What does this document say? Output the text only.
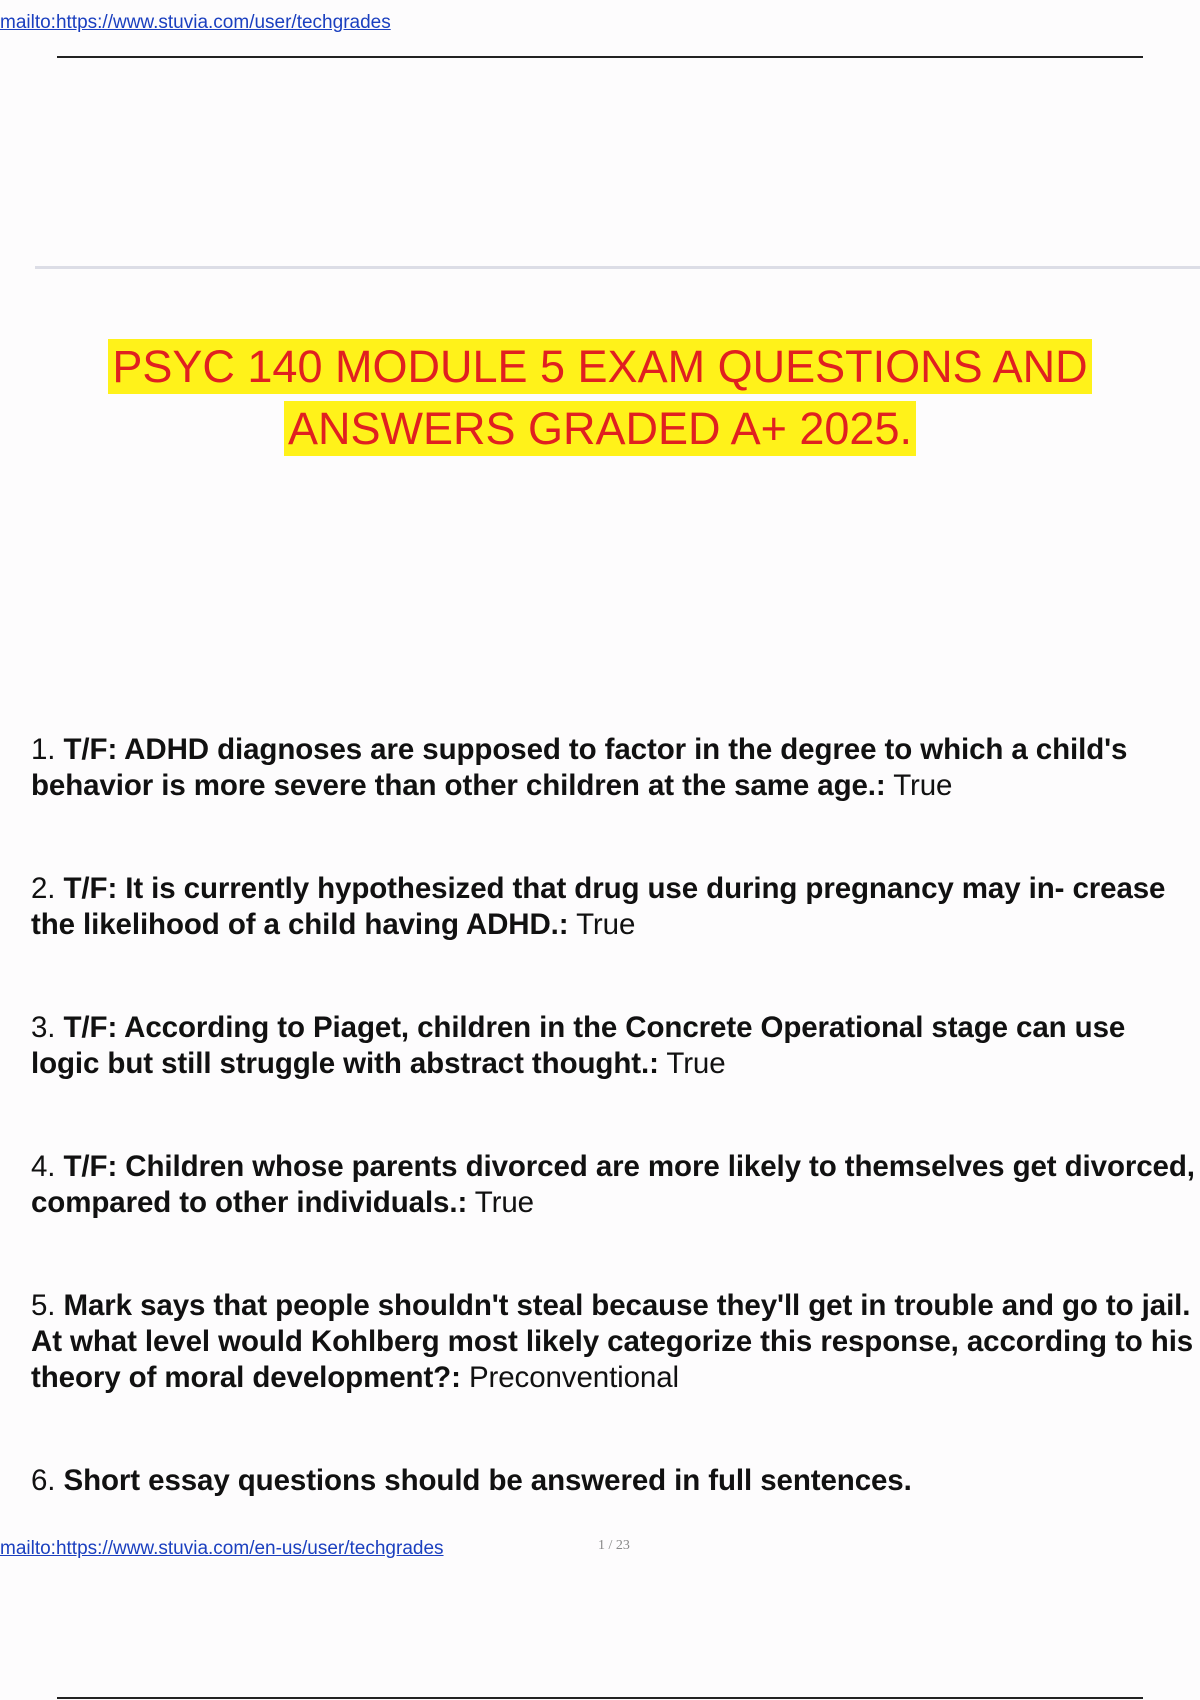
mailto:https://www.stuvia.com/user/techgrades
PSYC 140 MODULE 5 EXAM QUESTIONS AND
ANSWERS GRADED A+ 2025.
1. T/F: ADHD diagnoses are supposed to factor in the degree to which a child's behavior is more severe than other children at the same age.: True
2. T/F: It is currently hypothesized that drug use during pregnancy may in- crease the likelihood of a child having ADHD.: True
3. T/F: According to Piaget, children in the Concrete Operational stage can use logic but still struggle with abstract thought.: True
4. T/F: Children whose parents divorced are more likely to themselves get divorced, compared to other individuals.: True
5. Mark says that people shouldn't steal because they'll get in trouble and go to jail. At what level would Kohlberg most likely categorize this response, according to his theory of moral development?: Preconventional
6. Short essay questions should be answered in full sentences.
mailto:https://www.stuvia.com/en-us/user/techgrades	1 / 23
